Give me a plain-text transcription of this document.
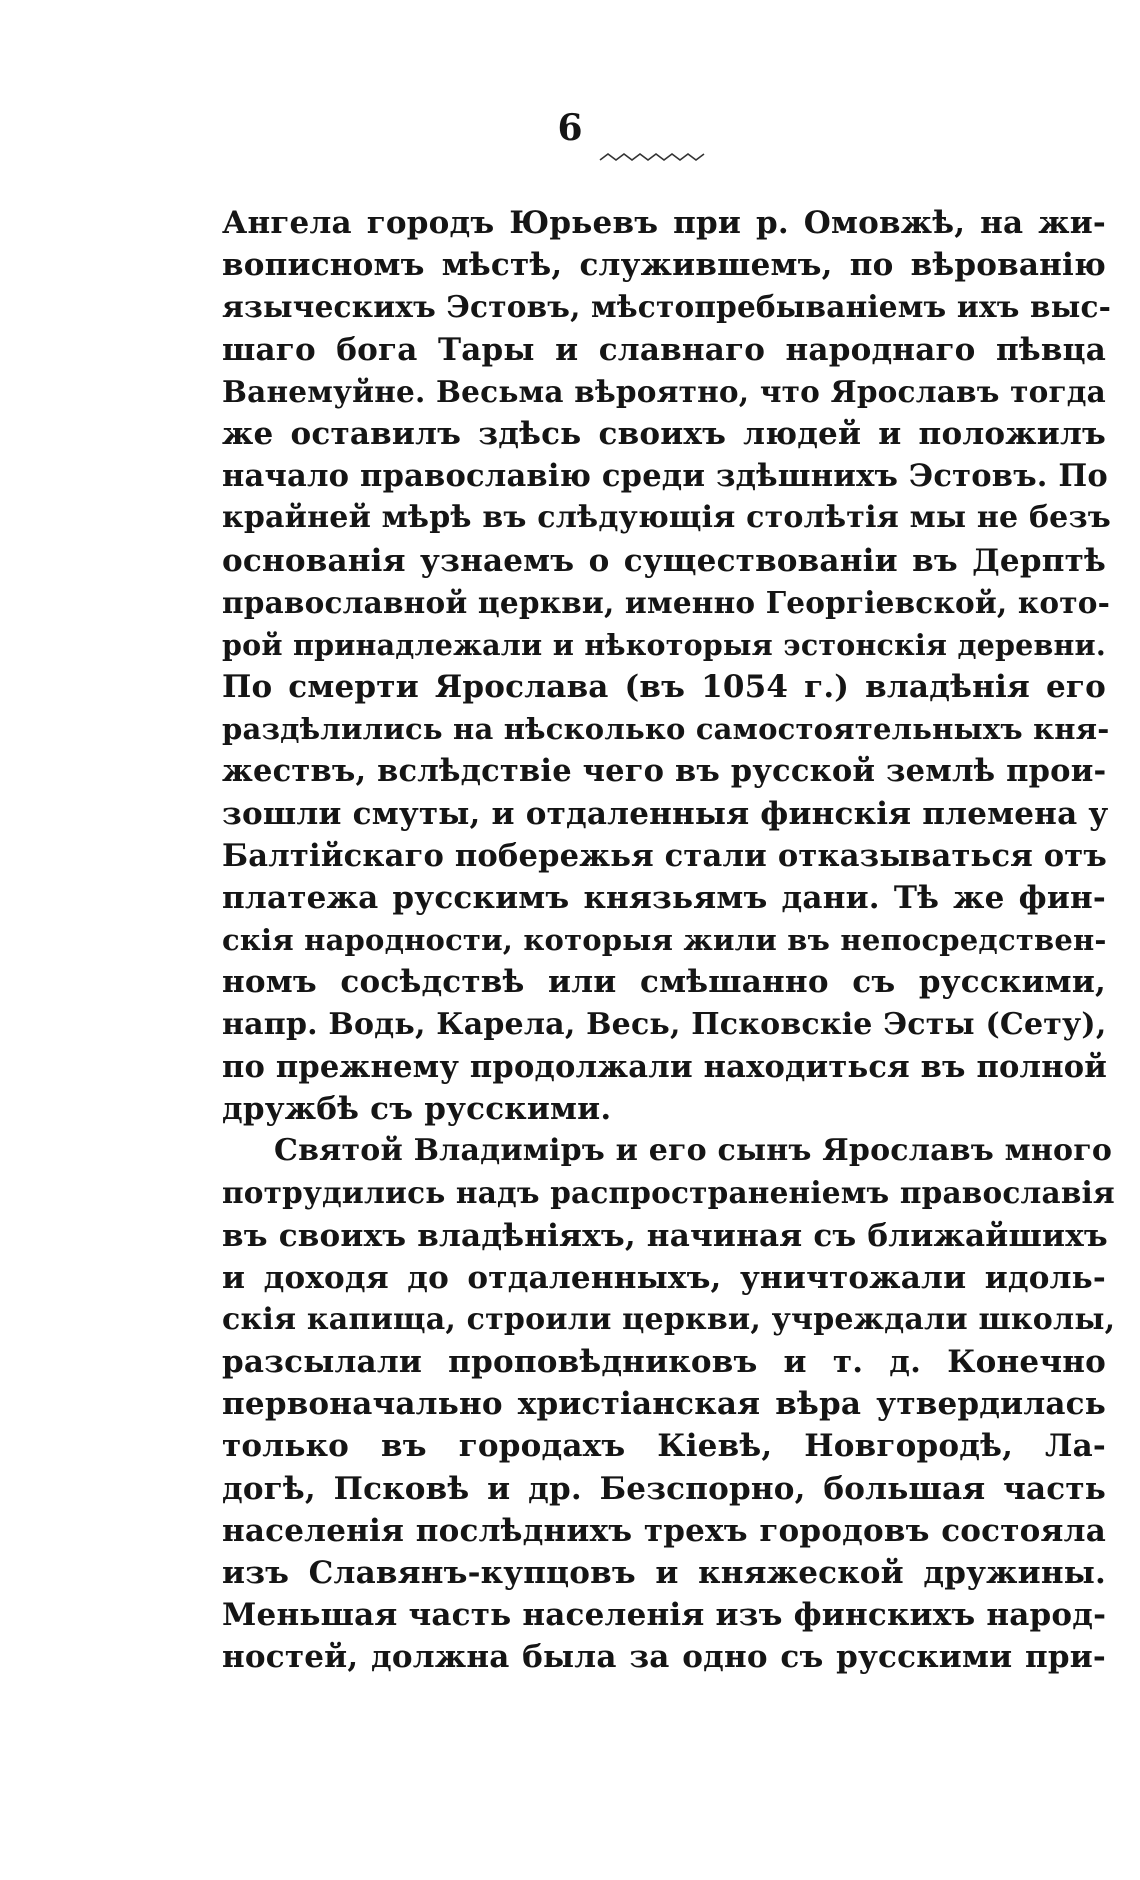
6
Ангела городъ Юрьевъ при р. Омовжѣ, на жи-
вописномъ мѣстѣ, служившемъ, по вѣрованію
языческихъ Эстовъ, мѣстопребываніемъ ихъ выс-
шаго бога Тары и славнаго народнаго пѣвца
Ванемуйне. Весьма вѣроятно, что Ярославъ тогда
же оставилъ здѣсь своихъ людей и положилъ
начало православію среди здѣшнихъ Эстовъ. По
крайней мѣрѣ въ слѣдующія столѣтія мы не безъ
основанія узнаемъ о существованіи въ Дерптѣ
православной церкви, именно Георгіевской, кото-
рой принадлежали и нѣкоторыя эстонскія деревни.
По смерти Ярослава (въ 1054 г.) владѣнія его
раздѣлились на нѣсколько самостоятельныхъ кня-
жествъ, вслѣдствіе чего въ русской землѣ прои-
зошли смуты, и отдаленныя финскія племена у
Балтійскаго побережья стали отказываться отъ
платежа русскимъ князьямъ дани. Тѣ же фин-
скія народности, которыя жили въ непосредствен-
номъ сосѣдствѣ или смѣшанно съ русскими,
напр. Водь, Карела, Весь, Псковскіе Эсты (Сету),
по прежнему продолжали находиться въ полной
дружбѣ съ русскими.
Святой Владиміръ и его сынъ Ярославъ много
потрудились надъ распространеніемъ православія
въ своихъ владѣніяхъ, начиная съ ближайшихъ
и доходя до отдаленныхъ, уничтожали идоль-
скія капища, строили церкви, учреждали школы,
разсылали проповѣдниковъ и т. д. Конечно
первоначально христіанская вѣра утвердилась
только въ городахъ Кіевѣ, Новгородѣ, Ла-
догѣ, Псковѣ и др. Безспорно, большая часть
населенія послѣднихъ трехъ городовъ состояла
изъ Славянъ-купцовъ и княжеской дружины.
Меньшая часть населенія изъ финскихъ народ-
ностей, должна была за одно съ русскими при-
